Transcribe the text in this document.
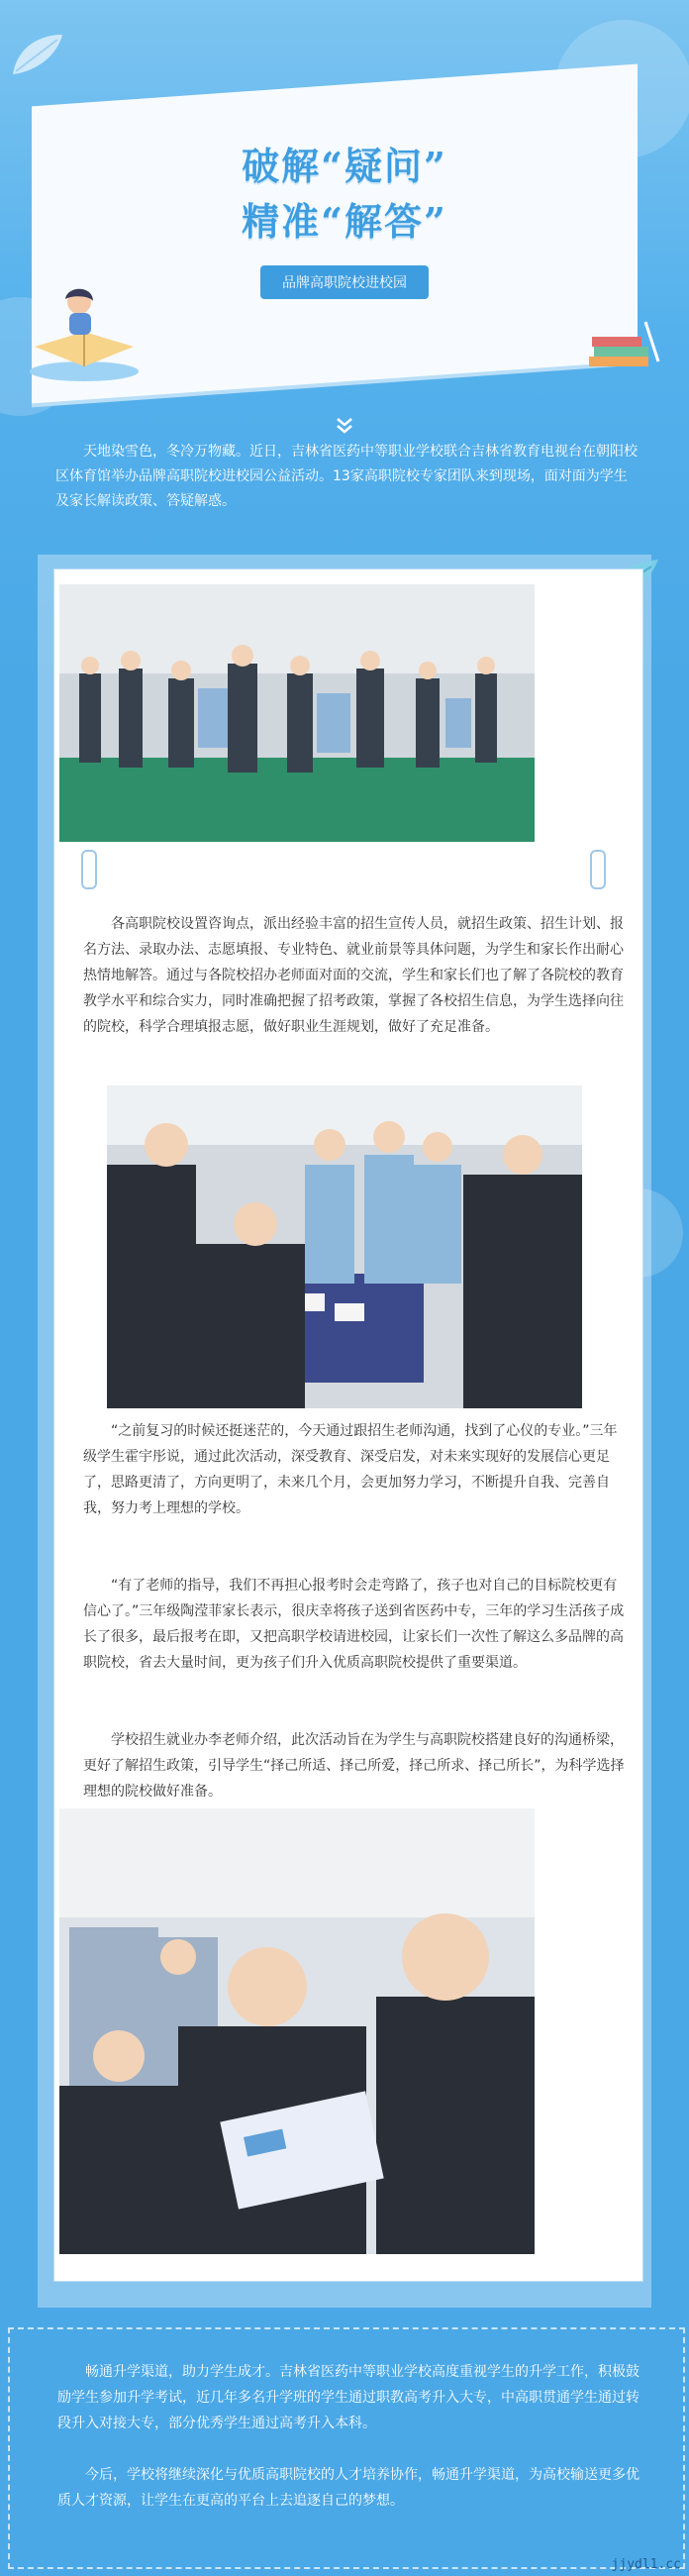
破解“疑问”
精准“解答”
品牌高职院校进校园

天地染雪色，冬冷万物藏。近日，吉林省医药中等职业学校联合吉林省教育电视台在朝阳校区体育馆举办品牌高职院校进校园公益活动。13家高职院校专家团队来到现场，面对面为学生及家长解读政策、答疑解惑。

各高职院校设置咨询点，派出经验丰富的招生宣传人员，就招生政策、招生计划、报名方法、录取办法、志愿填报、专业特色、就业前景等具体问题，为学生和家长作出耐心热情地解答。通过与各院校招办老师面对面的交流，学生和家长们也了解了各院校的教育教学水平和综合实力，同时准确把握了招考政策，掌握了各校招生信息，为学生选择向往的院校，科学合理填报志愿，做好职业生涯规划，做好了充足准备。

“之前复习的时候还挺迷茫的，今天通过跟招生老师沟通，找到了心仪的专业。”三年级学生霍宇彤说，通过此次活动，深受教育、深受启发，对未来实现好的发展信心更足了，思路更清了，方向更明了，未来几个月，会更加努力学习，不断提升自我、完善自我，努力考上理想的学校。

“有了老师的指导，我们不再担心报考时会走弯路了，孩子也对自己的目标院校更有信心了。”三年级陶滢菲家长表示，很庆幸将孩子送到省医药中专，三年的学习生活孩子成长了很多，最后报考在即，又把高职学校请进校园，让家长们一次性了解这么多品牌的高职院校，省去大量时间，更为孩子们升入优质高职院校提供了重要渠道。

学校招生就业办李老师介绍，此次活动旨在为学生与高职院校搭建良好的沟通桥梁，更好了解招生政策，引导学生“择己所适、择己所爱，择己所求、择己所长”，为科学选择理想的院校做好准备。

畅通升学渠道，助力学生成才。吉林省医药中等职业学校高度重视学生的升学工作，积极鼓励学生参加升学考试，近几年多名升学班的学生通过职教高考升入大专，中高职贯通学生通过转段升入对接大专，部分优秀学生通过高考升入本科。

今后，学校将继续深化与优质高职院校的人才培养协作，畅通升学渠道，为高校输送更多优质人才资源，让学生在更高的平台上去追逐自己的梦想。

jjydl1.cc
